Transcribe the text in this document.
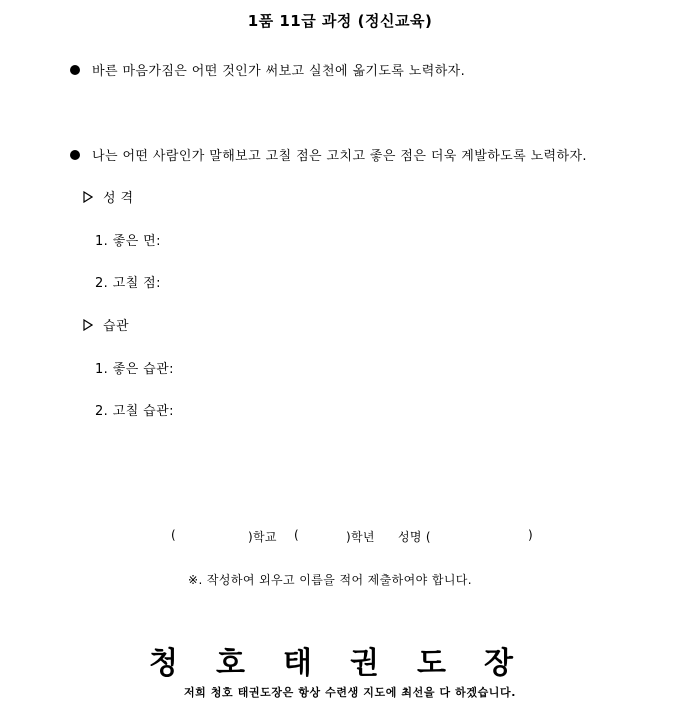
1품 11급 과정 (정신교육)
바른 마음가짐은 어떤 것인가 써보고 실천에 옮기도록 노력하자.
나는 어떤 사람인가 말해보고 고칠 점은 고치고 좋은 점은 더욱 계발하도록 노력하자.
성 격
1. 좋은 면:
2. 고칠 점:
습관
1. 좋은 습관:
2. 고칠 습관:
(	)학교 (	)학년 성명 (	)
※. 작성하여 외우고 이름을 적어 제출하여야 합니다.
청호태권도장
저희 청호 태권도장은 항상 수련생 지도에 최선을 다 하겠습니다.
